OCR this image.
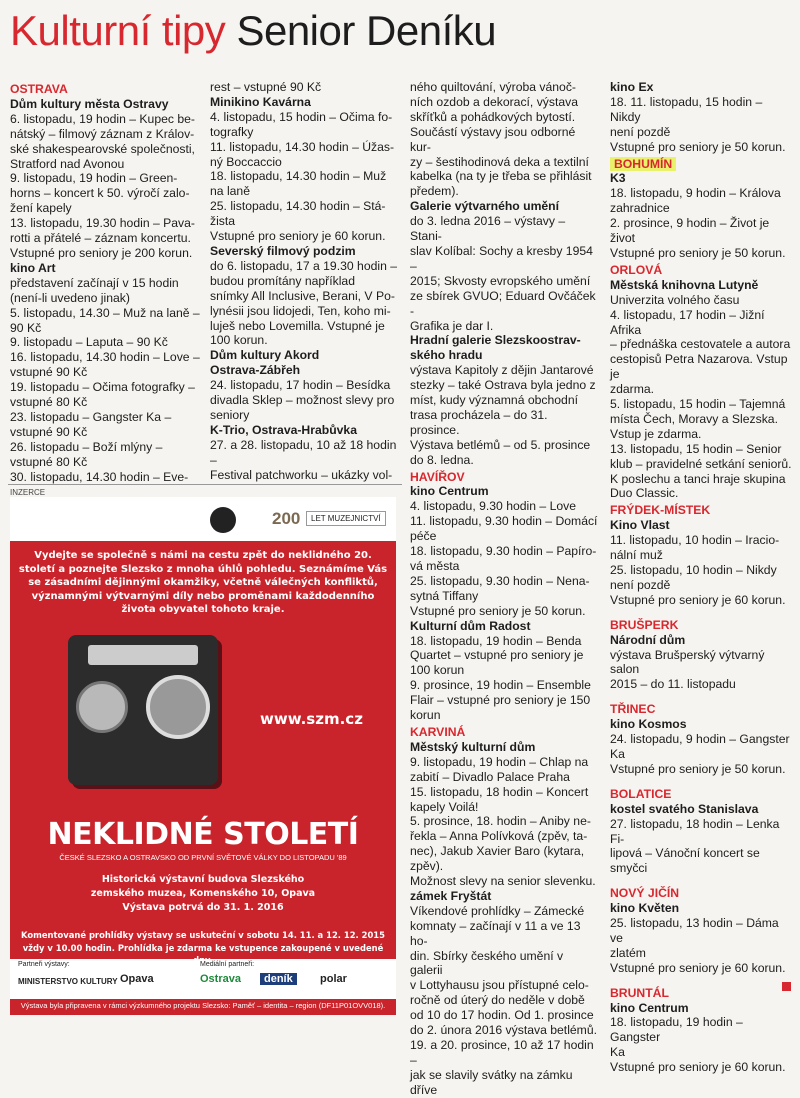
Kulturní tipy Senior Deníku
OSTRAVA
Dům kultury města Ostravy
6. listopadu, 19 hodin – Kupec be-
nátský – filmový záznam z Králov-
ské shakespearovské společnosti,
Stratford nad Avonou
9. listopadu, 19 hodin – Green-
horns – koncert k 50. výročí zalo-
žení kapely
13. listopadu, 19.30 hodin – Pava-
rotti a přátelé – záznam koncertu.
Vstupné pro seniory je 200 korun.
kino Art
představení začínají v 15 hodin
(není-li uvedeno jinak)
5. listopadu, 14.30 – Muž na laně –
90 Kč
9. listopadu – Laputa – 90 Kč
16. listopadu, 14.30 hodin – Love –
vstupné 90 Kč
19. listopadu – Očima fotografky –
vstupné 80 Kč
23. listopadu – Gangster Ka –
vstupné 90 Kč
26. listopadu – Boží mlýny –
vstupné 80 Kč
30. listopadu, 14.30 hodin – Eve-
rest – vstupné 90 Kč
Minikino Kavárna
4. listopadu, 15 hodin – Očima fo-
tografky
11. listopadu, 14.30 hodin – Úžas-
ný Boccaccio
18. listopadu, 14.30 hodin – Muž
na laně
25. listopadu, 14.30 hodin – Stá-
žista
Vstupné pro seniory je 60 korun.
Severský filmový podzim
do 6. listopadu, 17 a 19.30 hodin –
budou promítány například
snímky All Inclusive, Berani, V Po-
lynésii jsou lidojedi, Ten, koho mi-
luješ nebo Lovemilla. Vstupné je
100 korun.
Dům kultury Akord
Ostrava-Zábřeh
24. listopadu, 17 hodin – Besídka
divadla Sklep – možnost slevy pro
seniory
K-Trio, Ostrava-Hrabůvka
27. a 28. listopadu, 10 až 18 hodin –
Festival patchworku – ukázky vol-
ného quiltování, výroba vánoč-
ních ozdob a dekorací, výstava
skříťků a pohádkových bytostí.
Součástí výstavy jsou odborné kur-
zy – šestihodinová deka a textilní
kabelka (na ty je třeba se přihlásit
předem).
Galerie výtvarného umění
do 3. ledna 2016 – výstavy – Stani-
slav Kolíbal: Sochy a kresby 1954 –
2015; Skvosty evropského umění
ze sbírek GVUO; Eduard Ovčáček -
Grafika je dar I.
Hradní galerie Slezskoostrav-
ského hradu
výstava Kapitoly z dějin Jantarové
stezky – také Ostrava byla jedno z
míst, kudy významná obchodní
trasa procházela – do 31. prosince.
Výstava betlémů – od 5. prosince
do 8. ledna.
HAVÍŘOV
kino Centrum
4. listopadu, 9.30 hodin – Love
11. listopadu, 9.30 hodin – Domácí
péče
18. listopadu, 9.30 hodin – Papíro-
vá města
25. listopadu, 9.30 hodin – Nena-
sytná Tiffany
Vstupné pro seniory je 50 korun.
Kulturní dům Radost
18. listopadu, 19 hodin – Benda
Quartet – vstupné pro seniory je
100 korun
9. prosince, 19 hodin – Ensemble
Flair – vstupné pro seniory je 150
korun
KARVINÁ
Městský kulturní dům
9. listopadu, 19 hodin – Chlap na
zabití – Divadlo Palace Praha
15. listopadu, 18 hodin – Koncert
kapely Voilá!
5. prosince, 18. hodin – Aniby ne-
řekla – Anna Polívková (zpěv, ta-
nec), Jakub Xavier Baro (kytara,
zpěv).
Možnost slevy na senior slevenku.
zámek Fryštát
Víkendové prohlídky – Zámecké
komnaty – začínají v 11 a ve 13 ho-
din. Sbírky českého umění v galerii
v Lottyhausu jsou přístupné celo-
ročně od úterý do neděle v době
od 10 do 17 hodin. Od 1. prosince
do 2. února 2016 výstava betlémů.
19. a 20. prosince, 10 až 17 hodin –
jak se slavily svátky na zámku
dříve
kino Ex
18. 11. listopadu, 15 hodin – Nikdy
není pozdě
Vstupné pro seniory je 50 korun.
BOHUMÍN
K3
18. listopadu, 9 hodin – Králova
zahradnice
2. prosince, 9 hodin – Život je život
Vstupné pro seniory je 50 korun.
ORLOVÁ
Městská knihovna Lutyně
Univerzita volného času
4. listopadu, 17 hodin – Jižní Afrika
– přednáška cestovatele a autora
cestopisů Petra Nazarova. Vstup je
zdarma.
5. listopadu, 15 hodin – Tajemná
místa Čech, Moravy a Slezska.
Vstup je zdarma.
13. listopadu, 15 hodin – Senior
klub – pravidelné setkání seniorů.
K poslechu a tanci hraje skupina
Duo Classic.
FRÝDEK-MÍSTEK
Kino Vlast
11. listopadu, 10 hodin – Iracio-
nální muž
25. listopadu, 10 hodin – Nikdy
není pozdě
Vstupné pro seniory je 60 korun.
BRUŠPERK
Národní dům
výstava Brušperský výtvarný salon
2015 – do 11. listopadu
TŘINEC
kino Kosmos
24. listopadu, 9 hodin – Gangster
Ka
Vstupné pro seniory je 50 korun.
BOLATICE
kostel svatého Stanislava
27. listopadu, 18 hodin – Lenka Fi-
lipová – Vánoční koncert se smyčci
NOVÝ JIČÍN
kino Květen
25. listopadu, 13 hodin – Dáma ve
zlatém
Vstupné pro seniory je 60 korun.
BRUNTÁL
kino Centrum
18. listopadu, 19 hodin – Gangster
Ka
Vstupné pro seniory je 60 korun.
INZERCE
200	LET MUZEJNICTVÍ
Vydejte se společně s námi na cestu zpět do neklidného 20. století a poznejte Slezsko z mnoha úhlů pohledu. Seznámíme Vás se zásadními dějinnými okamžiky, včetně válečných konfliktů, významnými výtvarnými díly nebo proměnami každodenního života obyvatel tohoto kraje.
www.szm.cz
NEKLIDNÉ STOLETÍ
ČESKÉ SLEZSKO A OSTRAVSKO OD PRVNÍ SVĚTOVÉ VÁLKY DO LISTOPADU '89
Historická výstavní budova Slezského
zemského muzea, Komenského 10, Opava
Výstava potrvá do 31. 1. 2016
Komentované prohlídky výstavy se uskuteční v sobotu 14. 11. a 12. 12. 2015 vždy v 10.00 hodin. Prohlídka je zdarma ke vstupence zakoupené v uvedené
Partneři výstavy:	Mediální partneři:
MINISTERSTVO KULTURY Opava	Ostrava	deník	polar
Výstava byla připravena v rámci výzkumného projektu Slezsko: Paměť – identita – region (DF11P01OVV018).
